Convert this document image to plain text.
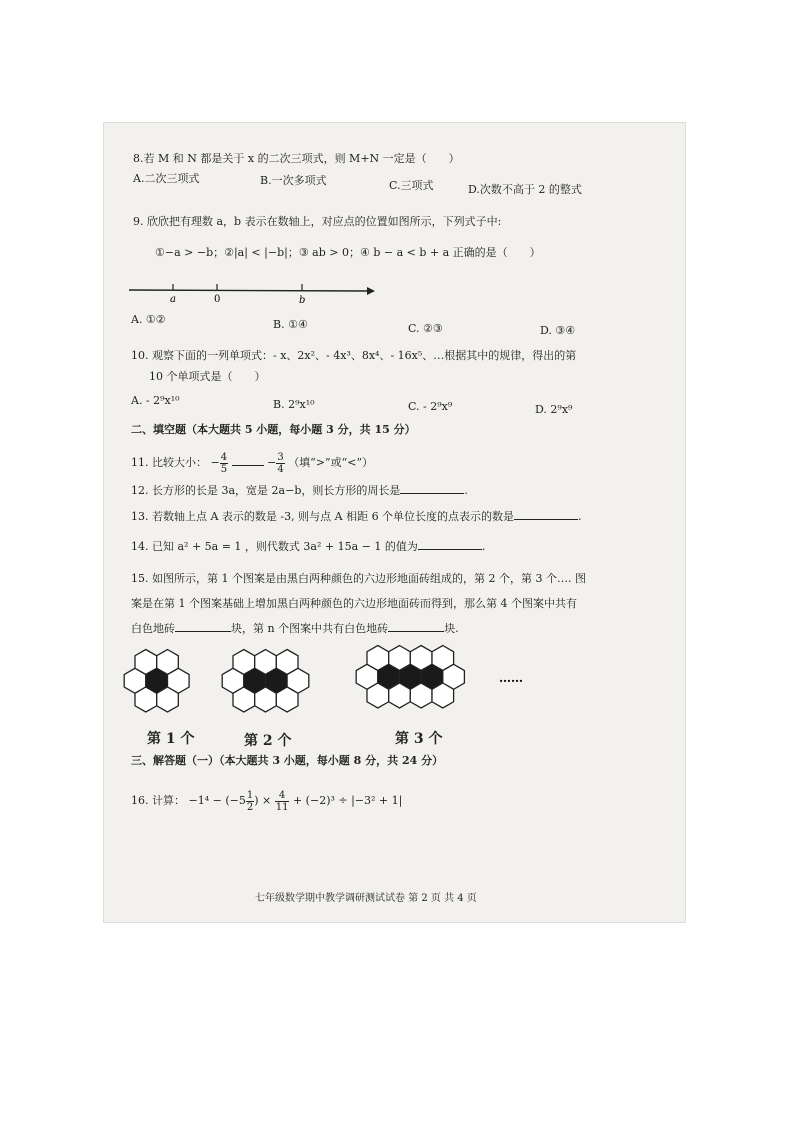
8.若 M 和 N 都是关于 x 的二次三项式，则 M+N 一定是（　　）
A.二次三项式	B.一次多项式	C.三项式	D.次数不高于 2 的整式
9. 欣欣把有理数 a，b 表示在数轴上，对应点的位置如图所示，下列式子中:
①−a > −b；②|a| < |−b|；③ ab > 0；④ b − a < b + a 正确的是（　　）
a	0	b
A. ①②	B. ①④	C. ②③	D. ③④
10. 观察下面的一列单项式：- x、2x²、- 4x³、8x⁴、- 16x⁵、…根据其中的规律，得出的第
10 个单项式是（　　）
A. - 2⁹x¹⁰	B. 2⁹x¹⁰	C. - 2⁹x⁹	D. 2⁹x⁹
二、填空题（本大题共 5 小题，每小题 3 分，共 15 分）
11. 比较大小： − $\frac{4}{5}$	− $\frac{3}{4}$ （填“>”或“<”）
12. 长方形的长是 3a，宽是 2a−b，则长方形的周长是	.
13. 若数轴上点 A 表示的数是 -3, 则与点 A 相距 6 个单位长度的点表示的数是	.
14. 已知 a² + 5a = 1 ，则代数式 3a² + 15a − 1 的值为	.
15. 如图所示，第 1 个图案是由黑白两种颜色的六边形地面砖组成的，第 2 个，第 3 个…. 图
案是在第 1 个图案基础上增加黑白两种颜色的六边形地面砖而得到，那么第 4 个图案中共有
白色地砖	块，第 n 个图案中共有白色地砖	块.
……
第 1 个	第 2 个	第 3 个
三、解答题（一）（本大题共 3 小题，每小题 8 分，共 24 分）
16. 计算： $-1^4 - (-5 \frac{1}{2}$ ) × $\frac{4}{11} + (-2)^3 \div |-3^2 + 1|$
七年级数学期中教学调研测试试卷 第 2 页 共 4 页
